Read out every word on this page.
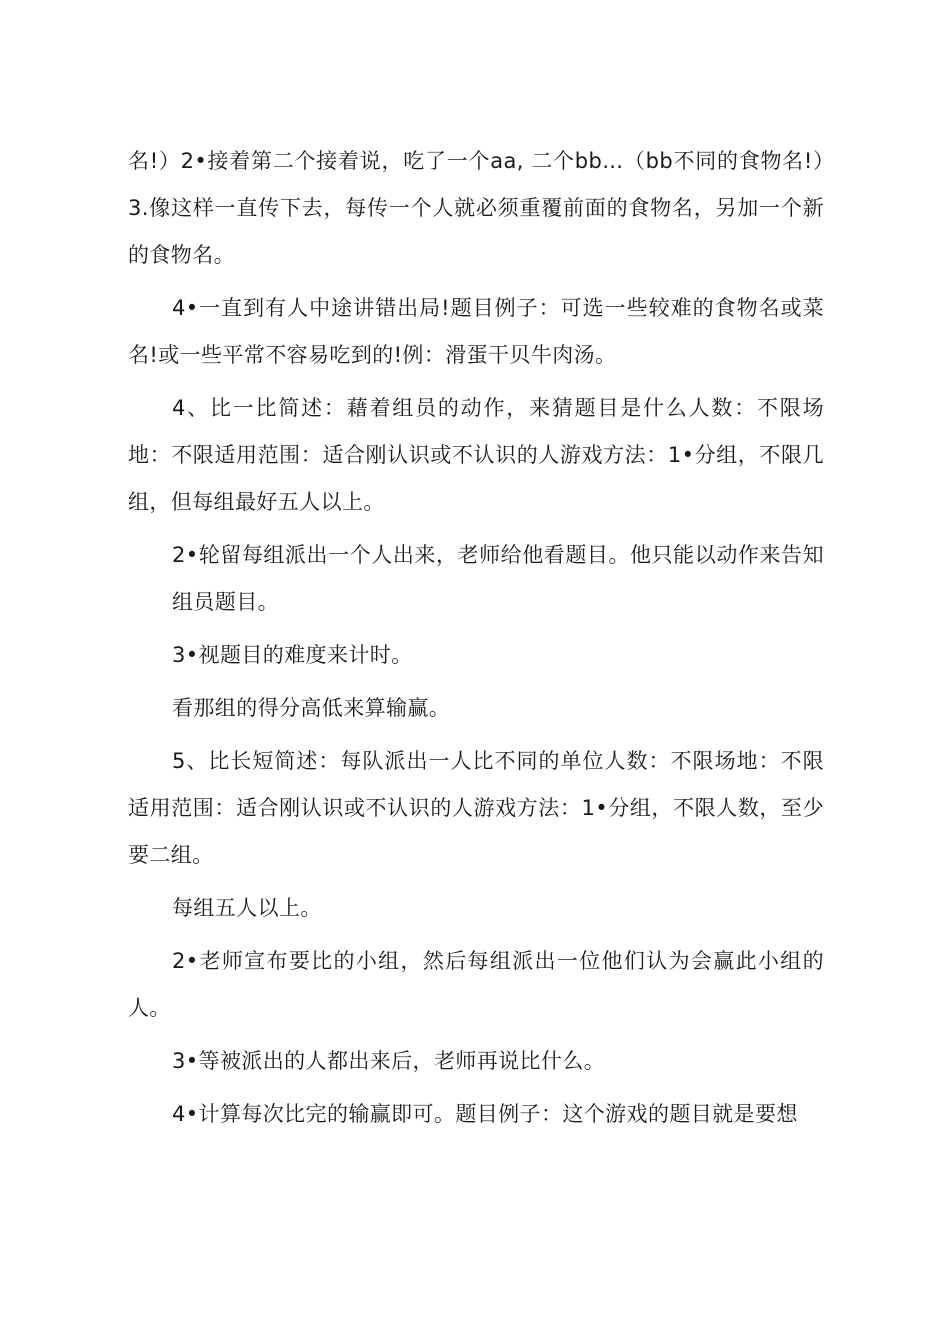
名!）2•接着第二个接着说，吃了一个aa, 二个bb…（bb不同的食物名!）3.像这样一直传下去，每传一个人就必须重覆前面的食物名，另加一个新的食物名。

4•一直到有人中途讲错出局!题目例子：可选一些较难的食物名或菜名!或一些平常不容易吃到的!例：滑蛋干贝牛肉汤。

4、比一比简述：藉着组员的动作，来猜题目是什么人数：不限场地：不限适用范围：适合刚认识或不认识的人游戏方法：1•分组，不限几组，但每组最好五人以上。

2•轮留每组派出一个人出来，老师给他看题目。他只能以动作来告知组员题目。

3•视题目的难度来计时。

看那组的得分高低来算输赢。

5、比长短简述：每队派出一人比不同的单位人数：不限场地：不限适用范围：适合刚认识或不认识的人游戏方法：1•分组，不限人数，至少要二组。

每组五人以上。

2•老师宣布要比的小组，然后每组派出一位他们认为会赢此小组的人。

3•等被派出的人都出来后，老师再说比什么。

4•计算每次比完的输赢即可。题目例子：这个游戏的题目就是要想
